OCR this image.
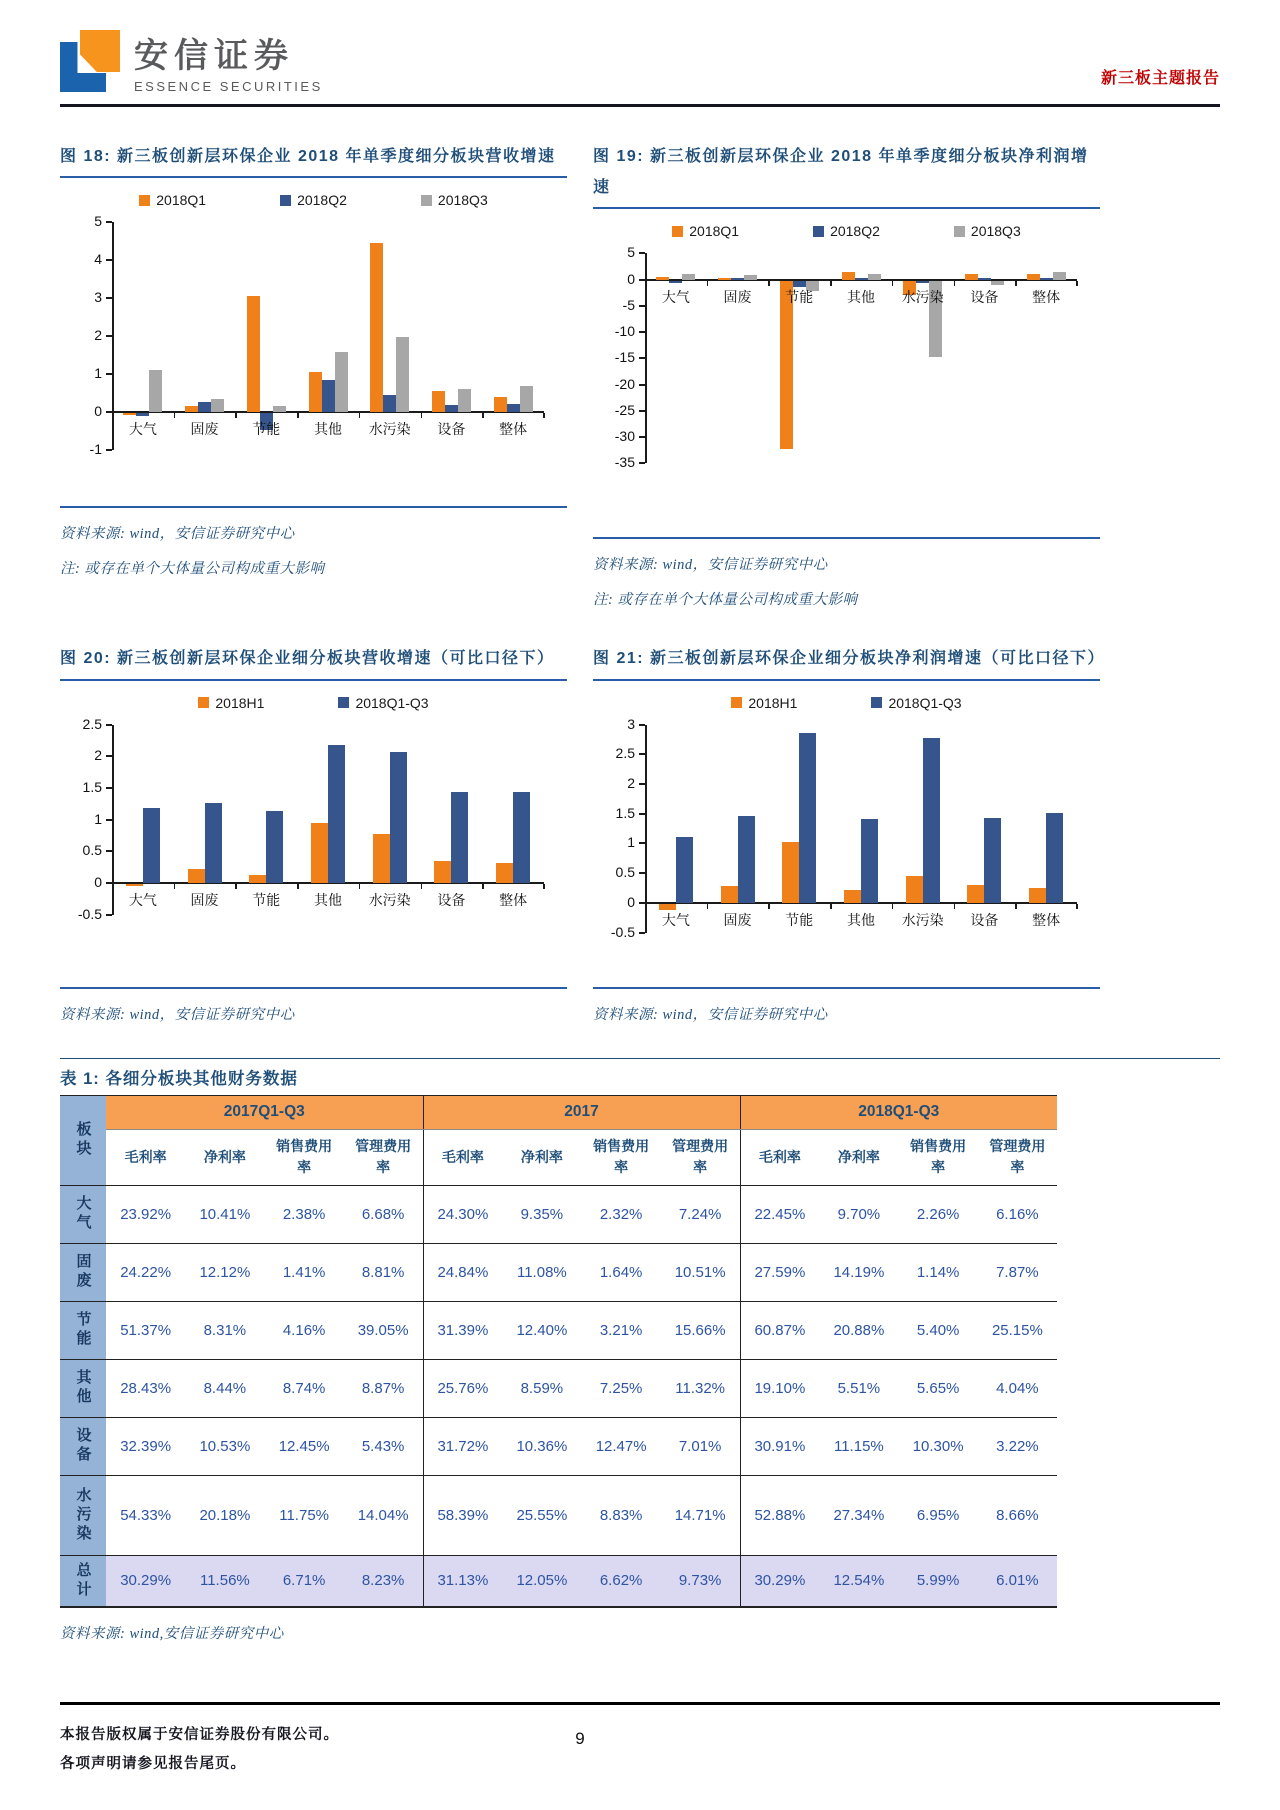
安信证券
ESSENCE SECURITIES	新三板主题报告
图 18: 新三板创新层环保企业 2018 年单季度细分板块营收增速
2018Q1	2018Q2	2018Q3
5
4
3
2
1
0
-1
大气	固废	节能	其他	水污染	设备	整体
资料来源: wind，安信证券研究中心
注: 或存在单个大体量公司构成重大影响
图 19: 新三板创新层环保企业 2018 年单季度细分板块净利润增速
2018Q1	2018Q2	2018Q3
5
0
-5
-10
-15
-20
-25
-30
-35
大气	固废	节能	其他	水污染	设备	整体
资料来源: wind，安信证券研究中心
注: 或存在单个大体量公司构成重大影响
图 20: 新三板创新层环保企业细分板块营收增速（可比口径下）
2018H1	2018Q1-Q3
2.5
2
1.5
1
0.5
0
-0.5
大气	固废	节能	其他	水污染	设备	整体
资料来源: wind，安信证券研究中心
图 21: 新三板创新层环保企业细分板块净利润增速（可比口径下）
2018H1	2018Q1-Q3
3
2.5
2
1.5
1
0.5
0
-0.5
大气	固废	节能	其他	水污染	设备	整体
资料来源: wind，安信证券研究中心
表 1: 各细分板块其他财务数据
板块	2017Q1-Q3				2017				2018Q1-Q3			
	毛利率	净利率	销售费用率	管理费用率	毛利率	净利率	销售费用率	管理费用率	毛利率	净利率	销售费用率	管理费用率

大气	23.92%	10.41%	2.38%	6.68%	24.30%	9.35%	2.32%	7.24%	22.45%	9.70%	2.26%	6.16%

固废	24.22%	12.12%	1.41%	8.81%	24.84%	11.08%	1.64%	10.51%	27.59%	14.19%	1.14%	7.87%

节能	51.37%	8.31%	4.16%	39.05%	31.39%	12.40%	3.21%	15.66%	60.87%	20.88%	5.40%	25.15%

其他	28.43%	8.44%	8.74%	8.87%	25.76%	8.59%	7.25%	11.32%	19.10%	5.51%	5.65%	4.04%

设备	32.39%	10.53%	12.45%	5.43%	31.72%	10.36%	12.47%	7.01%	30.91%	11.15%	10.30%	3.22%

水污染	54.33%	20.18%	11.75%	14.04%	58.39%	25.55%	8.83%	14.71%	52.88%	27.34%	6.95%	8.66%

总计	30.29%	11.56%	6.71%	8.23%	31.13%	12.05%	6.62%	9.73%	30.29%	12.54%	5.99%	6.01%
资料来源: wind,安信证券研究中心
本报告版权属于安信证券股份有限公司。
各项声明请参见报告尾页。
9
